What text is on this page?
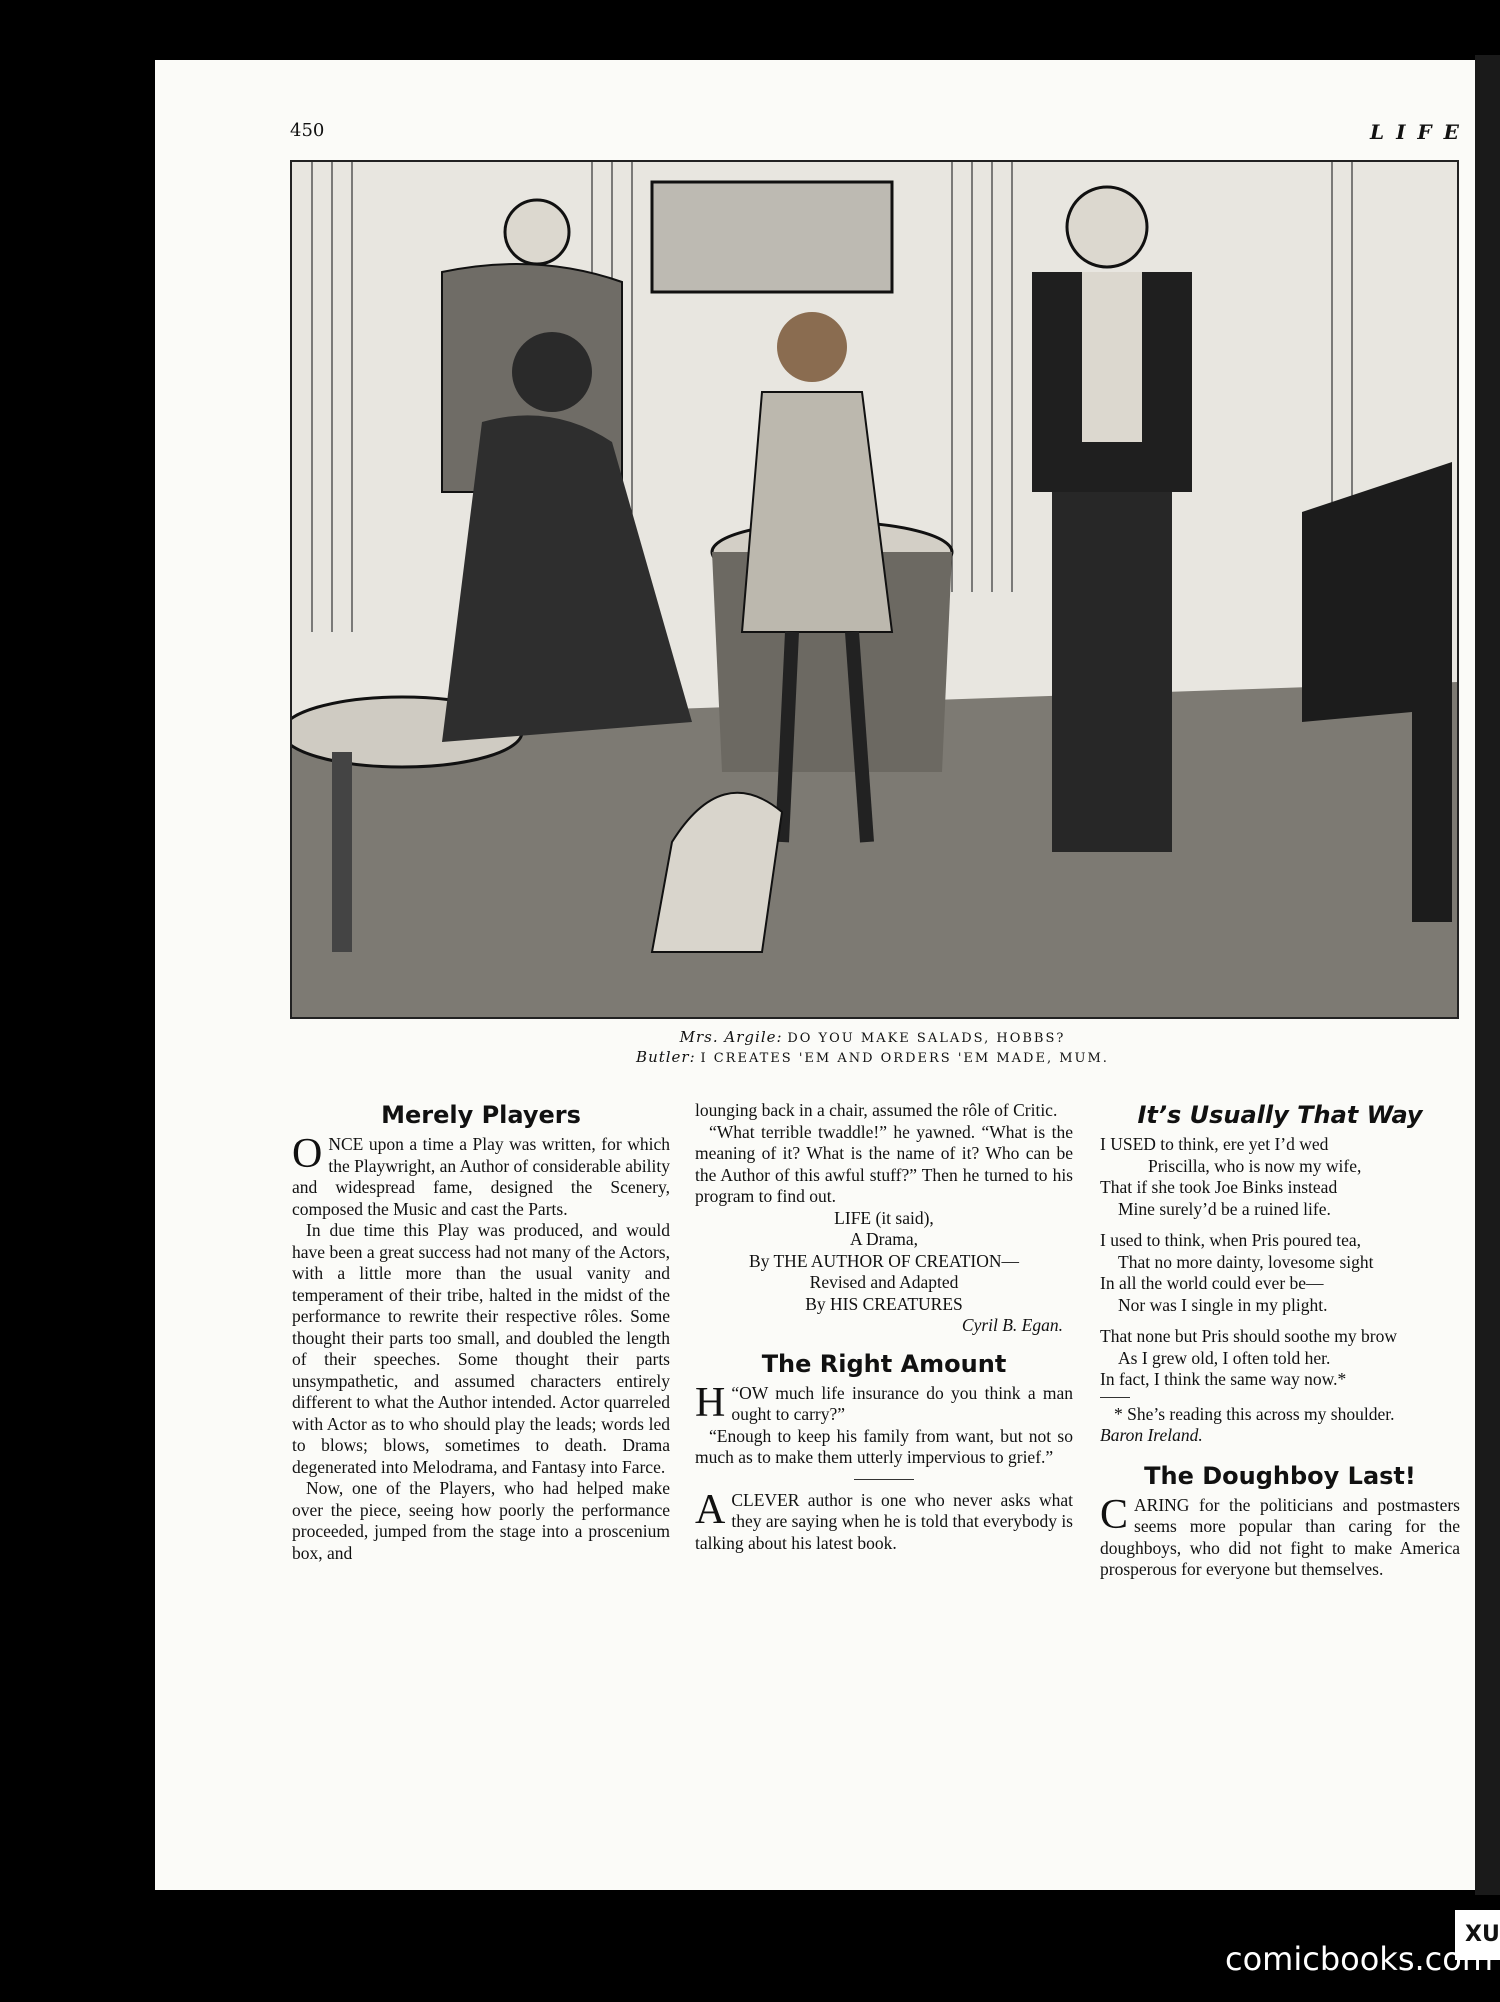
450	LIFE
Mrs. Argile: DO YOU MAKE SALADS, HOBBS?
Butler: I CREATES 'EM AND ORDERS 'EM MADE, MUM.
Merely Players

ONCE upon a time a Play was written, for which the Playwright, an Author of considerable ability and widespread fame, designed the Scenery, composed the Music and cast the Parts.

In due time this Play was produced, and would have been a great success had not many of the Actors, with a little more than the usual vanity and temperament of their tribe, halted in the midst of the performance to rewrite their respective rôles. Some thought their parts too small, and doubled the length of their speeches. Some thought their parts unsympathetic, and assumed characters entirely different to what the Author intended. Actor quarreled with Actor as to who should play the leads; words led to blows; blows, sometimes to death. Drama degenerated into Melodrama, and Fantasy into Farce.

Now, one of the Players, who had helped make over the piece, seeing how poorly the performance proceeded, jumped from the stage into a proscenium box, and

lounging back in a chair, assumed the rôle of Critic.

“What terrible twaddle!” he yawned. “What is the meaning of it? What is the name of it? Who can be the Author of this awful stuff?” Then he turned to his program to find out.

LIFE (it said),

A Drama,

By THE AUTHOR OF CREATION—

Revised and Adapted

By HIS CREATURES

Cyril B. Egan.

The Right Amount

“
H OW much life insurance do you think a man ought to carry?”

“Enough to keep his family from want, but not so much as to make them utterly impervious to grief.”

ACLEVER author is one who never asks what they are saying when he is told that everybody is talking about his latest book.

It’s Usually That Way

I USED to think, ere yet I’d wed

Priscilla, who is now my wife,

That if she took Joe Binks instead

Mine surely’d be a ruined life.

I used to think, when Pris poured tea,

That no more dainty, lovesome sight

In all the world could ever be—

Nor was I single in my plight.

That none but Pris should soothe my brow

As I grew old, I often told her.

In fact, I think the same way now.*

* She’s reading this across my shoulder.

Baron Ireland.

The Doughboy Last!

CARING for the politicians and postmasters seems more popular than caring for the doughboys, who did not fight to make America prosperous for everyone but themselves.

XU
comicbooks.com
